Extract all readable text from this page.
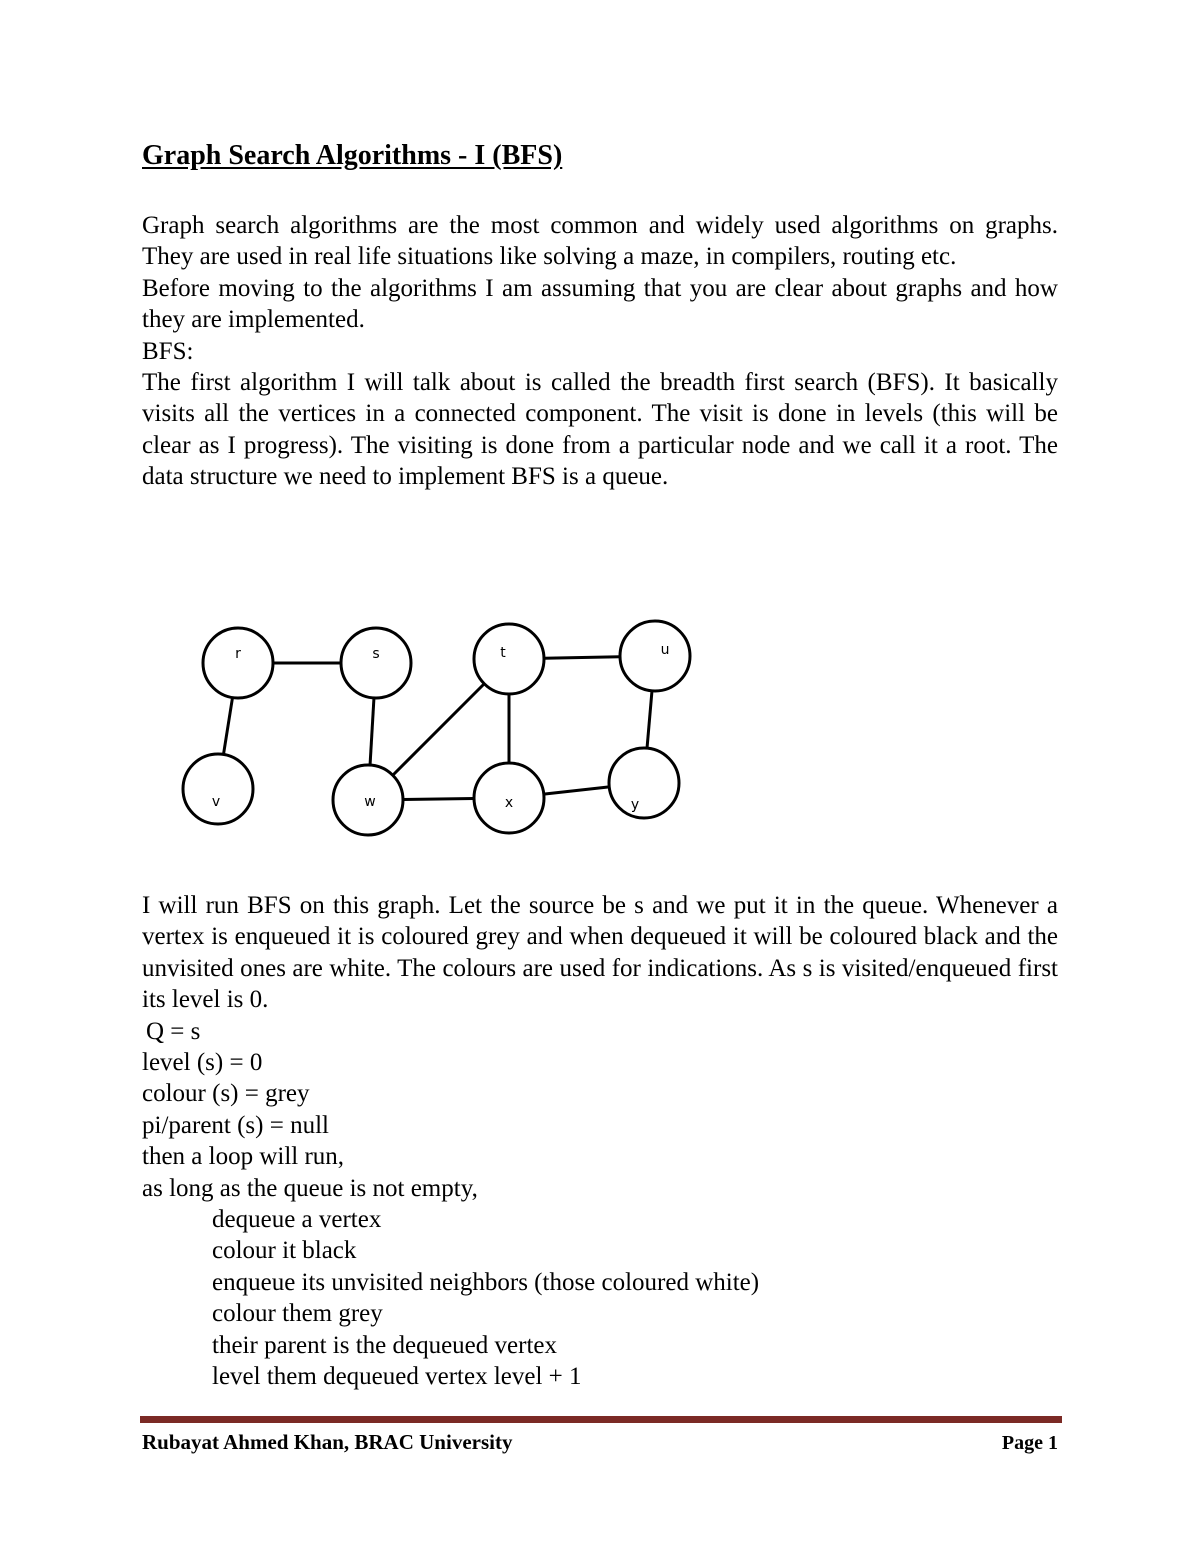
Graph Search Algorithms - I (BFS)

Graph search algorithms are the most common and widely used algorithms on graphs. They are used in real life situations like solving a maze, in compilers, routing etc.

Before moving to the algorithms I am assuming that you are clear about graphs and how they are implemented.

BFS:

The first algorithm I will talk about is called the breadth first search (BFS). It basically visits all the vertices in a connected component. The visit is done in levels (this will be clear as I progress). The visiting is done from a particular node and we call it a root. The data structure we need to implement BFS is a queue.

r	s	t	u
v	w	x	y

I will run BFS on this graph. Let the source be s and we put it in the queue. Whenever a vertex is enqueued it is coloured grey and when dequeued it will be coloured black and the unvisited ones are white. The colours are used for indications. As s is visited/enqueued first its level is 0.

Q = s

level (s) = 0

colour (s) = grey

pi/parent (s) = null

then a loop will run,

as long as the queue is not empty,

dequeue a vertex

colour it black

enqueue its unvisited neighbors (those coloured white)

colour them grey

their parent is the dequeued vertex

level them dequeued vertex level + 1

Rubayat Ahmed Khan, BRAC University	Page 1
